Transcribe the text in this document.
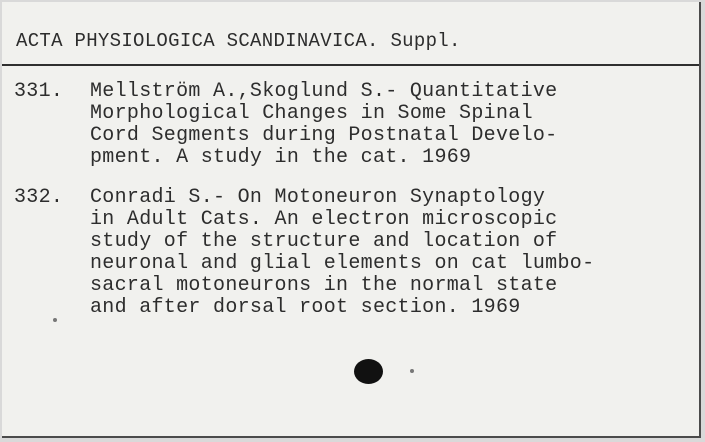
ACTA PHYSIOLOGICA SCANDINAVICA. Suppl.
331.	Mellström A.,Skoglund S.- Quantitative
Morphological Changes in Some Spinal
Cord Segments during Postnatal Develo-
pment. A study in the cat. 1969
332.	Conradi S.- On Motoneuron Synaptology
in Adult Cats. An electron microscopic
study of the structure and location of
neuronal and glial elements on cat lumbo-
sacral motoneurons in the normal state
and after dorsal root section. 1969
